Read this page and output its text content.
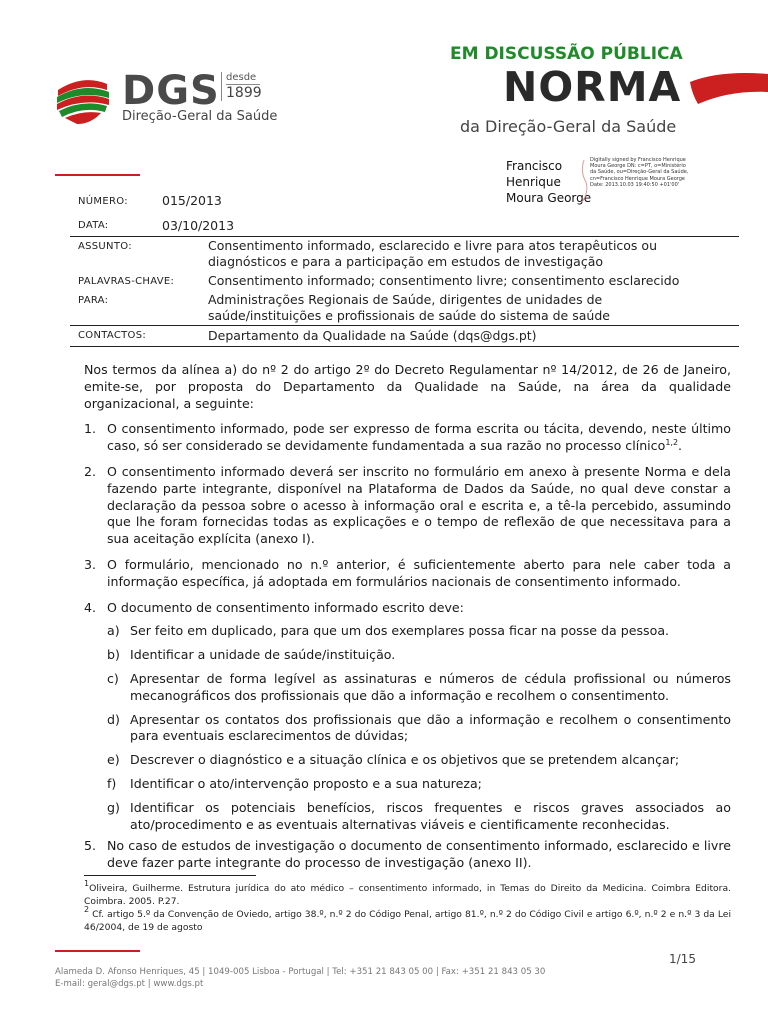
DGS desde
1899
Direção-Geral da Saúde
EM DISCUSSÃO PÚBLICA
NORMA
da Direção-Geral da Saúde
Francisco
Henrique
Moura George
Digitally signed by Francisco Henrique Moura George DN: c=PT, o=Ministério da Saúde, ou=Direção-Geral da Saúde, cn=Francisco Henrique Moura George Date: 2013.10.03 19:40:50 +01'00'
NÚMERO:	015/2013
DATA:	03/10/2013
ASSUNTO:	Consentimento informado, esclarecido e livre para atos terapêuticos ou diagnósticos e para a participação em estudos de investigação
PALAVRAS-CHAVE:	Consentimento informado; consentimento livre; consentimento esclarecido
PARA:	Administrações Regionais de Saúde, dirigentes de unidades de saúde/instituições e profissionais de saúde do sistema de saúde
CONTACTOS:	Departamento da Qualidade na Saúde (dqs@dgs.pt)

Nos termos da alínea a) do nº 2 do artigo 2º do Decreto Regulamentar nº 14/2012, de 26 de Janeiro, emite-se, por proposta do Departamento da Qualidade na Saúde, na área da qualidade organizacional, a seguinte:

1. O consentimento informado, pode ser expresso de forma escrita ou tácita, devendo, neste último caso, só ser considerado se devidamente fundamentada a sua razão no processo clínico$^{1,2}$.
2. O consentimento informado deverá ser inscrito no formulário em anexo à presente Norma e dela fazendo parte integrante, disponível na Plataforma de Dados da Saúde, no qual deve constar a declaração da pessoa sobre o acesso à informação oral e escrita e, a tê-la percebido, assumindo que lhe foram fornecidas todas as explicações e o tempo de reflexão de que necessitava para a sua aceitação explícita (anexo I).
3. O formulário, mencionado no n.º anterior, é suficientemente aberto para nele caber toda a informação específica, já adoptada em formulários nacionais de consentimento informado.
4. O documento de consentimento informado escrito deve:
a) Ser feito em duplicado, para que um dos exemplares possa ficar na posse da pessoa.
b) Identificar a unidade de saúde/instituição.
c) Apresentar de forma legível as assinaturas e números de cédula profissional ou números mecanográficos dos profissionais que dão a informação e recolhem o consentimento.
d) Apresentar os contatos dos profissionais que dão a informação e recolhem o consentimento para eventuais esclarecimentos de dúvidas;
e) Descrever o diagnóstico e a situação clínica e os objetivos que se pretendem alcançar;
f) Identificar o ato/intervenção proposto e a sua natureza;
g) Identificar os potenciais benefícios, riscos frequentes e riscos graves associados ao ato/procedimento e as eventuais alternativas viáveis e cientificamente reconhecidas.
5. No caso de estudos de investigação o documento de consentimento informado, esclarecido e livre deve fazer parte integrante do processo de investigação (anexo II).
$^1$Oliveira, Guilherme. Estrutura jurídica do ato médico – consentimento informado, in Temas do Direito da Medicina. Coimbra Editora. Coimbra. 2005. P.27.
$^2$ Cf. artigo 5.º da Convenção de Oviedo, artigo 38.º, n.º 2 do Código Penal, artigo 81.º, n.º 2 do Código Civil e artigo 6.º, n.º 2 e n.º 3 da Lei 46/2004, de 19 de agosto
1/15
Alameda D. Afonso Henriques, 45 | 1049-005 Lisboa - Portugal | Tel: +351 21 843 05 00 | Fax: +351 21 843 05 30
E-mail: geral@dgs.pt | www.dgs.pt
